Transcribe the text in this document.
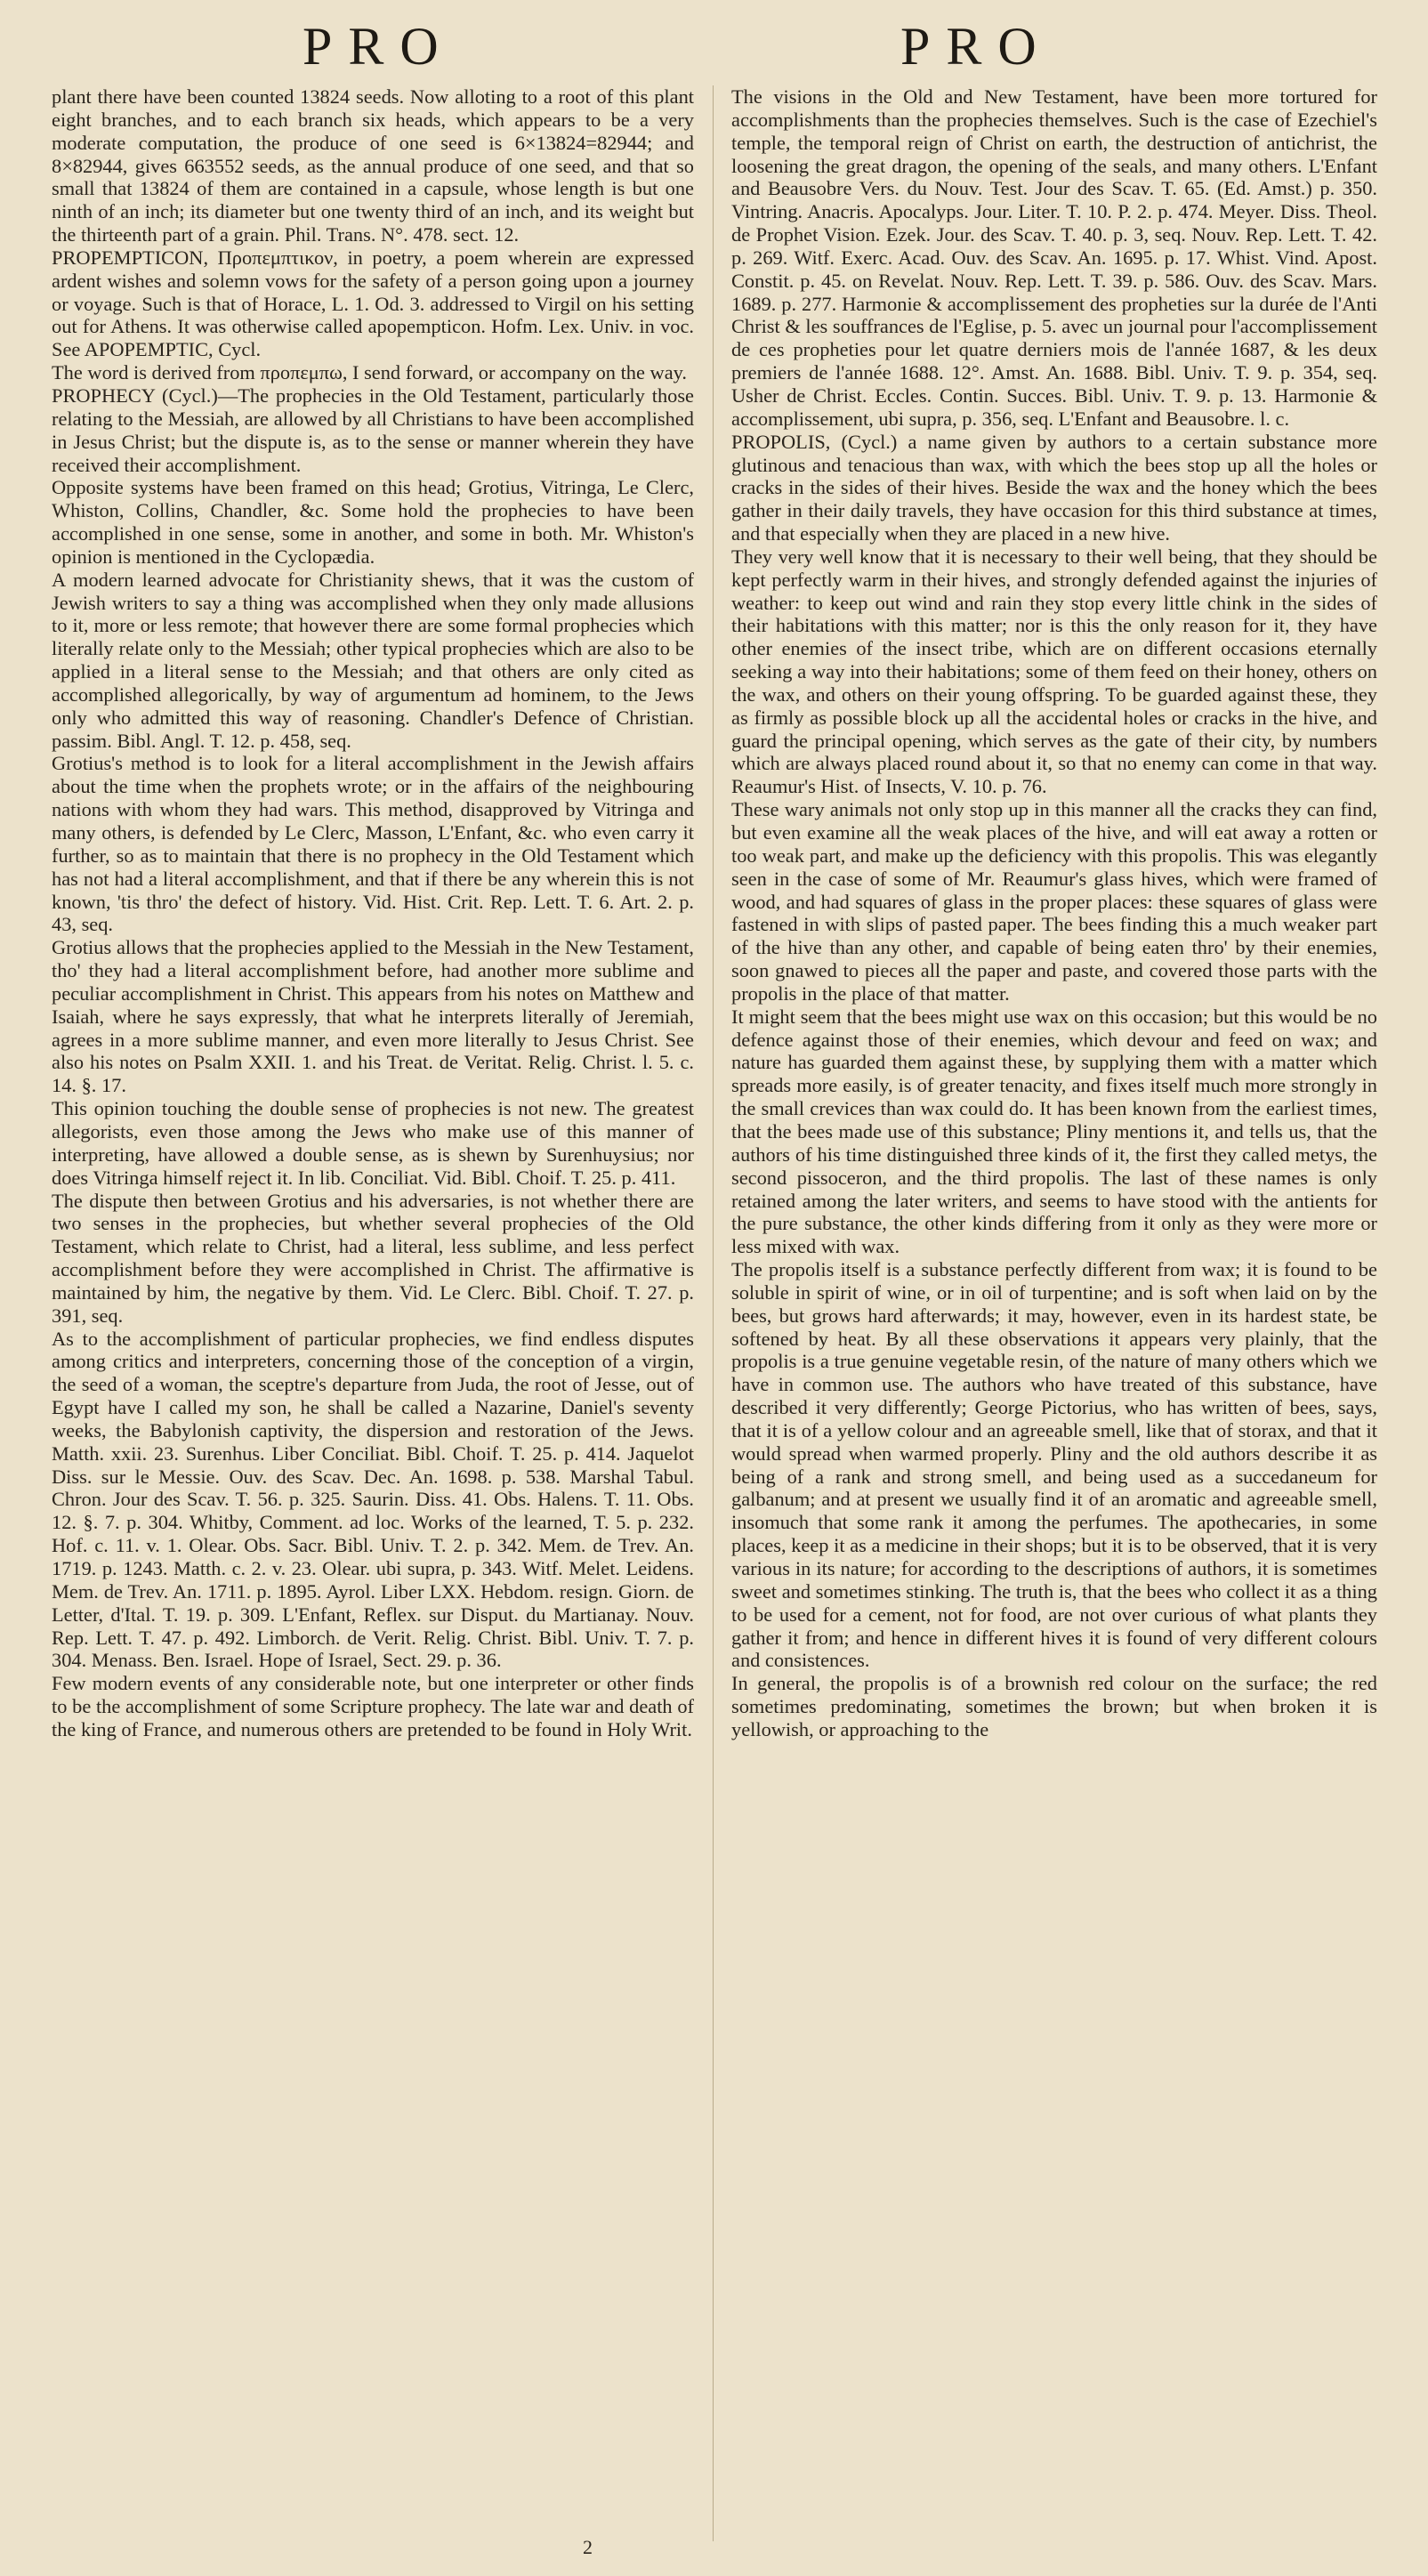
PRO	PRO

plant there have been counted 13824 seeds. Now alloting to a root of this plant eight branches, and to each branch six heads, which appears to be a very moderate computation, the produce of one seed is 6×13824=82944; and 8×82944, gives 663552 seeds, as the annual produce of one seed, and that so small that 13824 of them are contained in a capsule, whose length is but one ninth of an inch; its diameter but one twenty third of an inch, and its weight but the thirteenth part of a grain. Phil. Trans. N°. 478. sect. 12.

PROPEMPTICON, Προπεμπτικον, in poetry, a poem wherein are expressed ardent wishes and solemn vows for the safety of a person going upon a journey or voyage. Such is that of Horace, L. 1. Od. 3. addressed to Virgil on his setting out for Athens. It was otherwise called apopempticon. Hofm. Lex. Univ. in voc. See APOPEMPTIC, Cycl.

The word is derived from προπεμπω, I send forward, or accompany on the way.

PROPHECY (Cycl.)—The prophecies in the Old Testament, particularly those relating to the Messiah, are allowed by all Christians to have been accomplished in Jesus Christ; but the dispute is, as to the sense or manner wherein they have received their accomplishment.

Opposite systems have been framed on this head; Grotius, Vitringa, Le Clerc, Whiston, Collins, Chandler, &c. Some hold the prophecies to have been accomplished in one sense, some in another, and some in both. Mr. Whiston's opinion is mentioned in the Cyclopædia.

A modern learned advocate for Christianity shews, that it was the custom of Jewish writers to say a thing was accomplished when they only made allusions to it, more or less remote; that however there are some formal prophecies which literally relate only to the Messiah; other typical prophecies which are also to be applied in a literal sense to the Messiah; and that others are only cited as accomplished allegorically, by way of argumentum ad hominem, to the Jews only who admitted this way of reasoning. Chandler's Defence of Christian. passim. Bibl. Angl. T. 12. p. 458, seq.

Grotius's method is to look for a literal accomplishment in the Jewish affairs about the time when the prophets wrote; or in the affairs of the neighbouring nations with whom they had wars. This method, disapproved by Vitringa and many others, is defended by Le Clerc, Masson, L'Enfant, &c. who even carry it further, so as to maintain that there is no prophecy in the Old Testament which has not had a literal accomplishment, and that if there be any wherein this is not known, 'tis thro' the defect of history. Vid. Hist. Crit. Rep. Lett. T. 6. Art. 2. p. 43, seq.

Grotius allows that the prophecies applied to the Messiah in the New Testament, tho' they had a literal accomplishment before, had another more sublime and peculiar accomplishment in Christ. This appears from his notes on Matthew and Isaiah, where he says expressly, that what he interprets literally of Jeremiah, agrees in a more sublime manner, and even more literally to Jesus Christ. See also his notes on Psalm XXII. 1. and his Treat. de Veritat. Relig. Christ. l. 5. c. 14. §. 17.

This opinion touching the double sense of prophecies is not new. The greatest allegorists, even those among the Jews who make use of this manner of interpreting, have allowed a double sense, as is shewn by Surenhuysius; nor does Vitringa himself reject it. In lib. Conciliat. Vid. Bibl. Choif. T. 25. p. 411.

The dispute then between Grotius and his adversaries, is not whether there are two senses in the prophecies, but whether several prophecies of the Old Testament, which relate to Christ, had a literal, less sublime, and less perfect accomplishment before they were accomplished in Christ. The affirmative is maintained by him, the negative by them. Vid. Le Clerc. Bibl. Choif. T. 27. p. 391, seq.

As to the accomplishment of particular prophecies, we find endless disputes among critics and interpreters, concerning those of the conception of a virgin, the seed of a woman, the sceptre's departure from Juda, the root of Jesse, out of Egypt have I called my son, he shall be called a Nazarine, Daniel's seventy weeks, the Babylonish captivity, the dispersion and restoration of the Jews. Matth. xxii. 23. Surenhus. Liber Conciliat. Bibl. Choif. T. 25. p. 414. Jaquelot Diss. sur le Messie. Ouv. des Scav. Dec. An. 1698. p. 538. Marshal Tabul. Chron. Jour des Scav. T. 56. p. 325. Saurin. Diss. 41. Obs. Halens. T. 11. Obs. 12. §. 7. p. 304. Whitby, Comment. ad loc. Works of the learned, T. 5. p. 232. Hof. c. 11. v. 1. Olear. Obs. Sacr. Bibl. Univ. T. 2. p. 342. Mem. de Trev. An. 1719. p. 1243. Matth. c. 2. v. 23. Olear. ubi supra, p. 343. Witf. Melet. Leidens. Mem. de Trev. An. 1711. p. 1895. Ayrol. Liber LXX. Hebdom. resign. Giorn. de Letter, d'Ital. T. 19. p. 309. L'Enfant, Reflex. sur Disput. du Martianay. Nouv. Rep. Lett. T. 47. p. 492. Limborch. de Verit. Relig. Christ. Bibl. Univ. T. 7. p. 304. Menass. Ben. Israel. Hope of Israel, Sect. 29. p. 36.

Few modern events of any considerable note, but one interpreter or other finds to be the accomplishment of some Scripture prophecy. The late war and death of the king of France, and numerous others are pretended to be found in Holy Writ.

The visions in the Old and New Testament, have been more tortured for accomplishments than the prophecies themselves. Such is the case of Ezechiel's temple, the temporal reign of Christ on earth, the destruction of antichrist, the loosening the great dragon, the opening of the seals, and many others. L'Enfant and Beausobre Vers. du Nouv. Test. Jour des Scav. T. 65. (Ed. Amst.) p. 350. Vintring. Anacris. Apocalyps. Jour. Liter. T. 10. P. 2. p. 474. Meyer. Diss. Theol. de Prophet Vision. Ezek. Jour. des Scav. T. 40. p. 3, seq. Nouv. Rep. Lett. T. 42. p. 269. Witf. Exerc. Acad. Ouv. des Scav. An. 1695. p. 17. Whist. Vind. Apost. Constit. p. 45. on Revelat. Nouv. Rep. Lett. T. 39. p. 586. Ouv. des Scav. Mars. 1689. p. 277. Harmonie & accomplissement des propheties sur la durée de l'Anti Christ & les souffrances de l'Eglise, p. 5. avec un journal pour l'accomplissement de ces propheties pour let quatre derniers mois de l'année 1687, & les deux premiers de l'année 1688. 12°. Amst. An. 1688. Bibl. Univ. T. 9. p. 354, seq. Usher de Christ. Eccles. Contin. Succes. Bibl. Univ. T. 9. p. 13. Harmonie & accomplissement, ubi supra, p. 356, seq. L'Enfant and Beausobre. l. c.

PROPOLIS, (Cycl.) a name given by authors to a certain substance more glutinous and tenacious than wax, with which the bees stop up all the holes or cracks in the sides of their hives. Beside the wax and the honey which the bees gather in their daily travels, they have occasion for this third substance at times, and that especially when they are placed in a new hive.

They very well know that it is necessary to their well being, that they should be kept perfectly warm in their hives, and strongly defended against the injuries of weather: to keep out wind and rain they stop every little chink in the sides of their habitations with this matter; nor is this the only reason for it, they have other enemies of the insect tribe, which are on different occasions eternally seeking a way into their habitations; some of them feed on their honey, others on the wax, and others on their young offspring. To be guarded against these, they as firmly as possible block up all the accidental holes or cracks in the hive, and guard the principal opening, which serves as the gate of their city, by numbers which are always placed round about it, so that no enemy can come in that way. Reaumur's Hist. of Insects, V. 10. p. 76.

These wary animals not only stop up in this manner all the cracks they can find, but even examine all the weak places of the hive, and will eat away a rotten or too weak part, and make up the deficiency with this propolis. This was elegantly seen in the case of some of Mr. Reaumur's glass hives, which were framed of wood, and had squares of glass in the proper places: these squares of glass were fastened in with slips of pasted paper. The bees finding this a much weaker part of the hive than any other, and capable of being eaten thro' by their enemies, soon gnawed to pieces all the paper and paste, and covered those parts with the propolis in the place of that matter.

It might seem that the bees might use wax on this occasion; but this would be no defence against those of their enemies, which devour and feed on wax; and nature has guarded them against these, by supplying them with a matter which spreads more easily, is of greater tenacity, and fixes itself much more strongly in the small crevices than wax could do. It has been known from the earliest times, that the bees made use of this substance; Pliny mentions it, and tells us, that the authors of his time distinguished three kinds of it, the first they called metys, the second pissoceron, and the third propolis. The last of these names is only retained among the later writers, and seems to have stood with the antients for the pure substance, the other kinds differing from it only as they were more or less mixed with wax.

The propolis itself is a substance perfectly different from wax; it is found to be soluble in spirit of wine, or in oil of turpentine; and is soft when laid on by the bees, but grows hard afterwards; it may, however, even in its hardest state, be softened by heat. By all these observations it appears very plainly, that the propolis is a true genuine vegetable resin, of the nature of many others which we have in common use. The authors who have treated of this substance, have described it very differently; George Pictorius, who has written of bees, says, that it is of a yellow colour and an agreeable smell, like that of storax, and that it would spread when warmed properly. Pliny and the old authors describe it as being of a rank and strong smell, and being used as a succedaneum for galbanum; and at present we usually find it of an aromatic and agreeable smell, insomuch that some rank it among the perfumes. The apothecaries, in some places, keep it as a medicine in their shops; but it is to be observed, that it is very various in its nature; for according to the descriptions of authors, it is sometimes sweet and sometimes stinking. The truth is, that the bees who collect it as a thing to be used for a cement, not for food, are not over curious of what plants they gather it from; and hence in different hives it is found of very different colours and consistences.

In general, the propolis is of a brownish red colour on the surface; the red sometimes predominating, sometimes the brown; but when broken it is yellowish, or approaching to the

2
